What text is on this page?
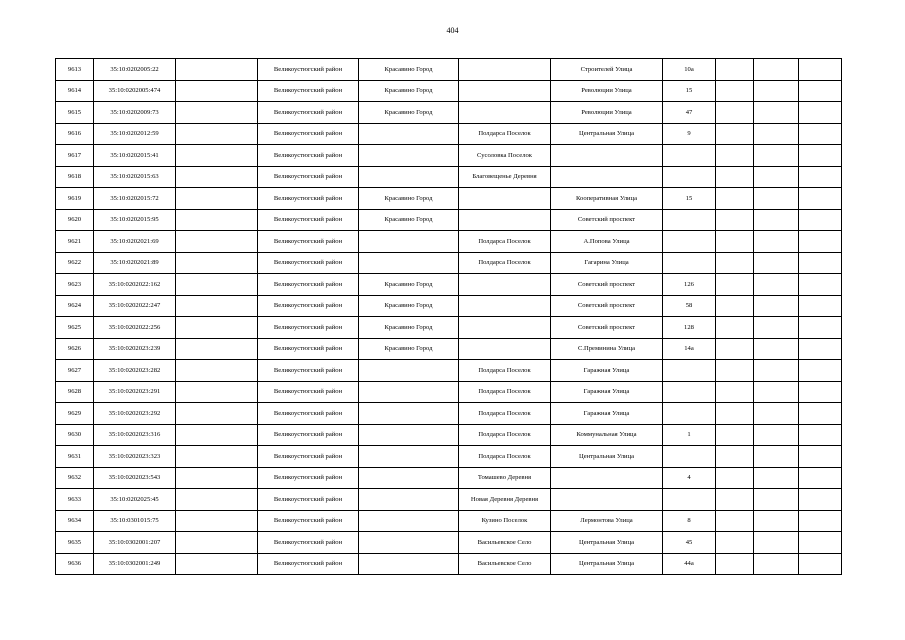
404
9613	35:10:0202005:22		Великоустюгский район	Красавино Город		Строителей Улица	10а			
9614	35:10:0202005:474		Великоустюгский район	Красавино Город		Революции Улица	15			
9615	35:10:0202009:73		Великоустюгский район	Красавино Город		Революции Улица	47			
9616	35:10:0202012:59		Великоустюгский район		Полдарса Поселок	Центральная Улица	9			
9617	35:10:0202015:41		Великоустюгский район		Сусоловка Поселок					
9618	35:10:0202015:63		Великоустюгский район		Благовещенье Деревня					
9619	35:10:0202015:72		Великоустюгский район	Красавино Город		Кооперативная Улица	15			
9620	35:10:0202015:95		Великоустюгский район	Красавино Город		Советский проспект				
9621	35:10:0202021:69		Великоустюгский район		Полдарса Поселок	А.Попова Улица				
9622	35:10:0202021:89		Великоустюгский район		Полдарса Поселок	Гагарина Улица				
9623	35:10:0202022:162		Великоустюгский район	Красавино Город		Советский проспект	126			
9624	35:10:0202022:247		Великоустюгский район	Красавино Город		Советский проспект	58			
9625	35:10:0202022:256		Великоустюгский район	Красавино Город		Советский проспект	128			
9626	35:10:0202023:239		Великоустюгский район	Красавино Город		С.Преминина Улица	14а			
9627	35:10:0202023:282		Великоустюгский район		Полдарса Поселок	Гаражная Улица				
9628	35:10:0202023:291		Великоустюгский район		Полдарса Поселок	Гаражная Улица				
9629	35:10:0202023:292		Великоустюгский район		Полдарса Поселок	Гаражная Улица				
9630	35:10:0202023:316		Великоустюгский район		Полдарса Поселок	Коммунальная Улица	1			
9631	35:10:0202023:323		Великоустюгский район		Полдарса Поселок	Центральная Улица				
9632	35:10:0202023:543		Великоустюгский район		Томашево Деревня		4			
9633	35:10:0202025:45		Великоустюгский район		Новая Деревня Деревня					
9634	35:10:0301015:75		Великоустюгский район		Кузино Поселок	Лермонтова Улица	8			
9635	35:10:0302001:207		Великоустюгский район		Васильевское Село	Центральная Улица	45			
9636	35:10:0302001:249		Великоустюгский район		Васильевское Село	Центральная Улица	44а			
